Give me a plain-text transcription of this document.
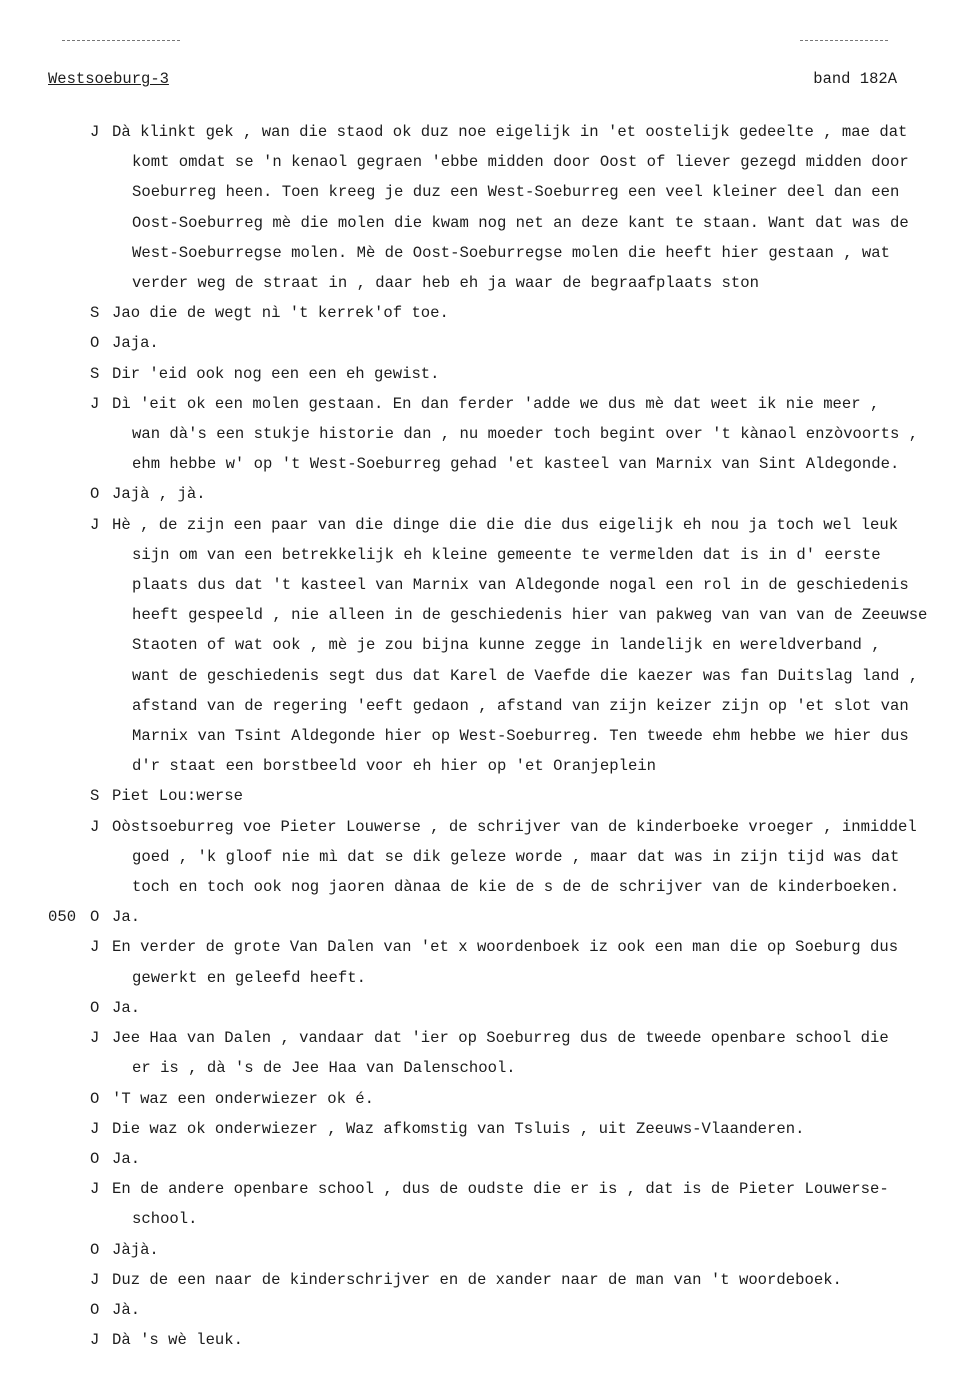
Westsoeburg-3	band 182A
J Dà klinkt gek , wan die staod ok duz noe eigelijk in 'et oostelijk gedeelte , mae dat
komt omdat se 'n kenaol gegraen 'ebbe midden door Oost of liever gezegd midden door
Soeburreg heen. Toen kreeg je duz een West-Soeburreg een veel kleiner deel dan een
Oost-Soeburreg mè die molen die kwam nog net an deze kant te staan. Want dat was de
West-Soeburregse molen. Mè de Oost-Soeburregse molen die heeft hier gestaan , wat
verder weg de straat in , daar heb eh ja waar de begraafplaats ston
S Jao die de wegt nì 't kerrek'of toe.
O Jaja.
S Dir 'eid ook nog een een eh gewist.
J Dì 'eit ok een molen gestaan. En dan ferder 'adde we dus mè dat weet ik nie meer ,
wan dà's een stukje historie dan , nu moeder toch begint over 't kànaol enzòvoorts ,
ehm hebbe w' op 't West-Soeburreg gehad 'et kasteel van Marnix van Sint Aldegonde.
O Jajà , jà.
J Hè , de zijn een paar van die dinge die die die dus eigelijk eh nou ja toch wel leuk
sijn om van een betrekkelijk eh kleine gemeente te vermelden dat is in d' eerste
plaats dus dat 't kasteel van Marnix van Aldegonde nogal een rol in de geschiedenis
heeft gespeeld , nie alleen in de geschiedenis hier van pakweg van van van de Zeeuwse
Staoten of wat ook , mè je zou bijna kunne zegge in landelijk en wereldverband ,
want de geschiedenis segt dus dat Karel de Vaefde die kaezer was fan Duitslag land ,
afstand van de regering 'eeft gedaon , afstand van zijn keizer zijn op 'et slot van
Marnix van Tsint Aldegonde hier op West-Soeburreg. Ten tweede ehm hebbe we hier dus
d'r staat een borstbeeld voor eh hier op 'et Oranjeplein
S Piet Lou:werse
J Oòstsoeburreg voe Pieter Louwerse , de schrijver van de kinderboeke vroeger , inmiddel
goed , 'k gloof nie mì dat se dik geleze worde , maar dat was in zijn tijd was dat
toch en toch ook nog jaoren dànaa de kie de s de de schrijver van de kinderboeken.
050 O Ja.
J En verder de grote Van Dalen van 'et x woordenboek iz ook een man die op Soeburg dus
gewerkt en geleefd heeft.
O Ja.
J Jee Haa van Dalen , vandaar dat 'ier op Soeburreg dus de tweede openbare school die
er is , dà 's de Jee Haa van Dalenschool.
O 'T waz een onderwiezer ok é.
J Die waz ok onderwiezer , Waz afkomstig van Tsluis , uit Zeeuws-Vlaanderen.
O Ja.
J En de andere openbare school , dus de oudste die er is , dat is de Pieter Louwerse-
school.
O Jàjà.
J Duz de een naar de kinderschrijver en de xander naar de man van 't woordeboek.
O Jà.
J Dà 's wè leuk.
